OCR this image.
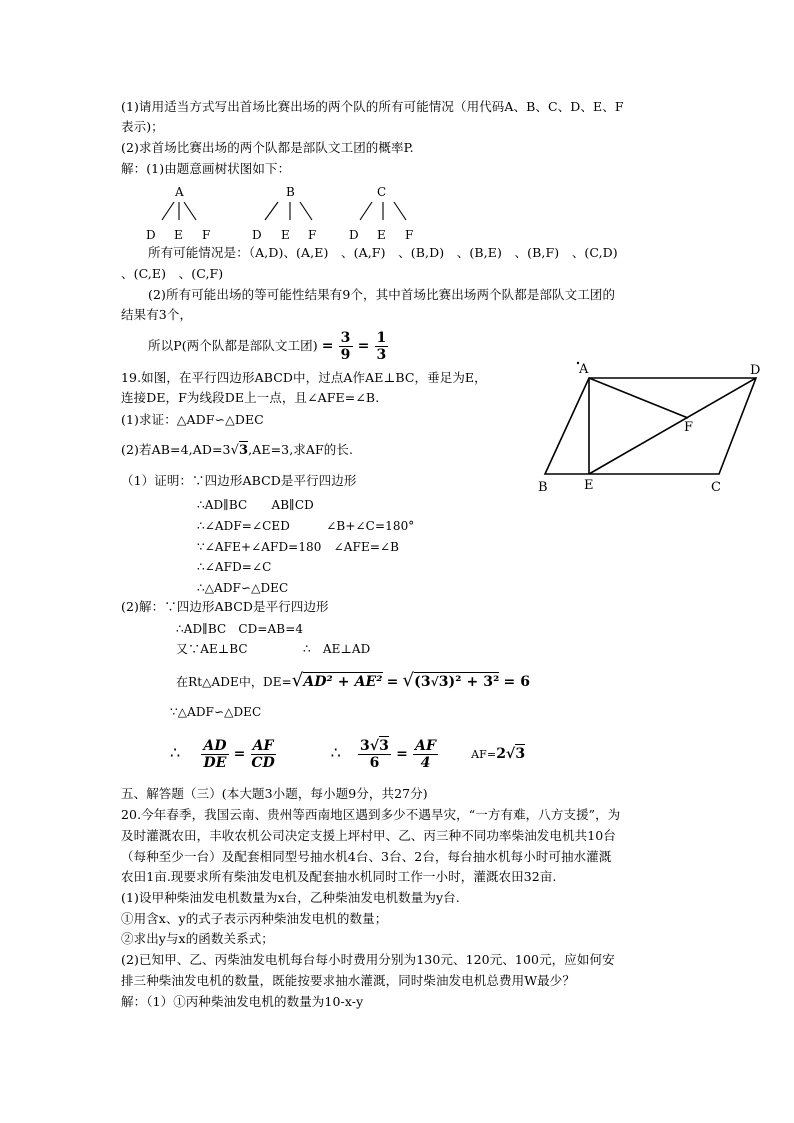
(1)请用适当方式写出首场比赛出场的两个队的所有可能情况（用代码A、B、C、D、E、F
表示)；
(2)求首场比赛出场的两个队都是部队文工团的概率P.
解：(1)由题意画树状图如下：
A
D E F
B
D E F
C
D E F
所有可能情况是：（A,D)、(A,E)　、(A,F)　、(B,D)　、(B,E)　、(B,F)　、(C,D)
、(C,E)　、(C,F)
(2)所有可能出场的等可能性结果有9个，其中首场比赛出场两个队都是部队文工团的
结果有3个，
所以P(两个队都是部队文工团) = $\frac{3}{9} = \frac{1}{3}$
19.如图，在平行四边形ABCD中，过点A作AE⊥BC，垂足为E，
连接DE，F为线段DE上一点，且∠AFE=∠B.
(1)求证：△ADF∽△DEC
(2)若AB=4,AD=3√3,AE=3,求AF的长.
A	D
F
B	E	C
（1）证明：∵四边形ABCD是平行四边形
∴AD∥BC　　AB∥CD
∴∠ADF=∠CED　　　∠B+∠C=180°
∵∠AFE+∠AFD=180　∠AFE=∠B
∴∠AFD=∠C
∴△ADF∽△DEC
(2)解：∵四边形ABCD是平行四边形
∴AD∥BC　CD=AB=4
又∵AE⊥BC	∴　AE⊥AD
在Rt△ADE中，DE=√AD² + AE² = √(3√3)² + 3² = 6
∵△ADF∽△DEC
∴ $\frac{AD}{DE} = \frac{AF}{CD}$	∴ $\frac{3√3}{6} = \frac{AF}{4}$	AF=2√3
五、解答题（三）(本大题3小题，每小题9分，共27分)
20.今年春季，我国云南、贵州等西南地区遇到多少不遇旱灾，“一方有难，八方支援”，为
及时灌溉农田，丰收农机公司决定支援上坪村甲、乙、丙三种不同功率柴油发电机共10台
（每种至少一台）及配套相同型号抽水机4台、3台、2台，每台抽水机每小时可抽水灌溉
农田1亩.现要求所有柴油发电机及配套抽水机同时工作一小时，灌溉农田32亩.
(1)设甲种柴油发电机数量为x台，乙种柴油发电机数量为y台.
①用含x、y的式子表示丙种柴油发电机的数量；
②求出y与x的函数关系式；
(2)已知甲、乙、丙柴油发电机每台每小时费用分别为130元、120元、100元，应如何安
排三种柴油发电机的数量，既能按要求抽水灌溉，同时柴油发电机总费用W最少？
解：（1）①丙种柴油发电机的数量为10-x-y
